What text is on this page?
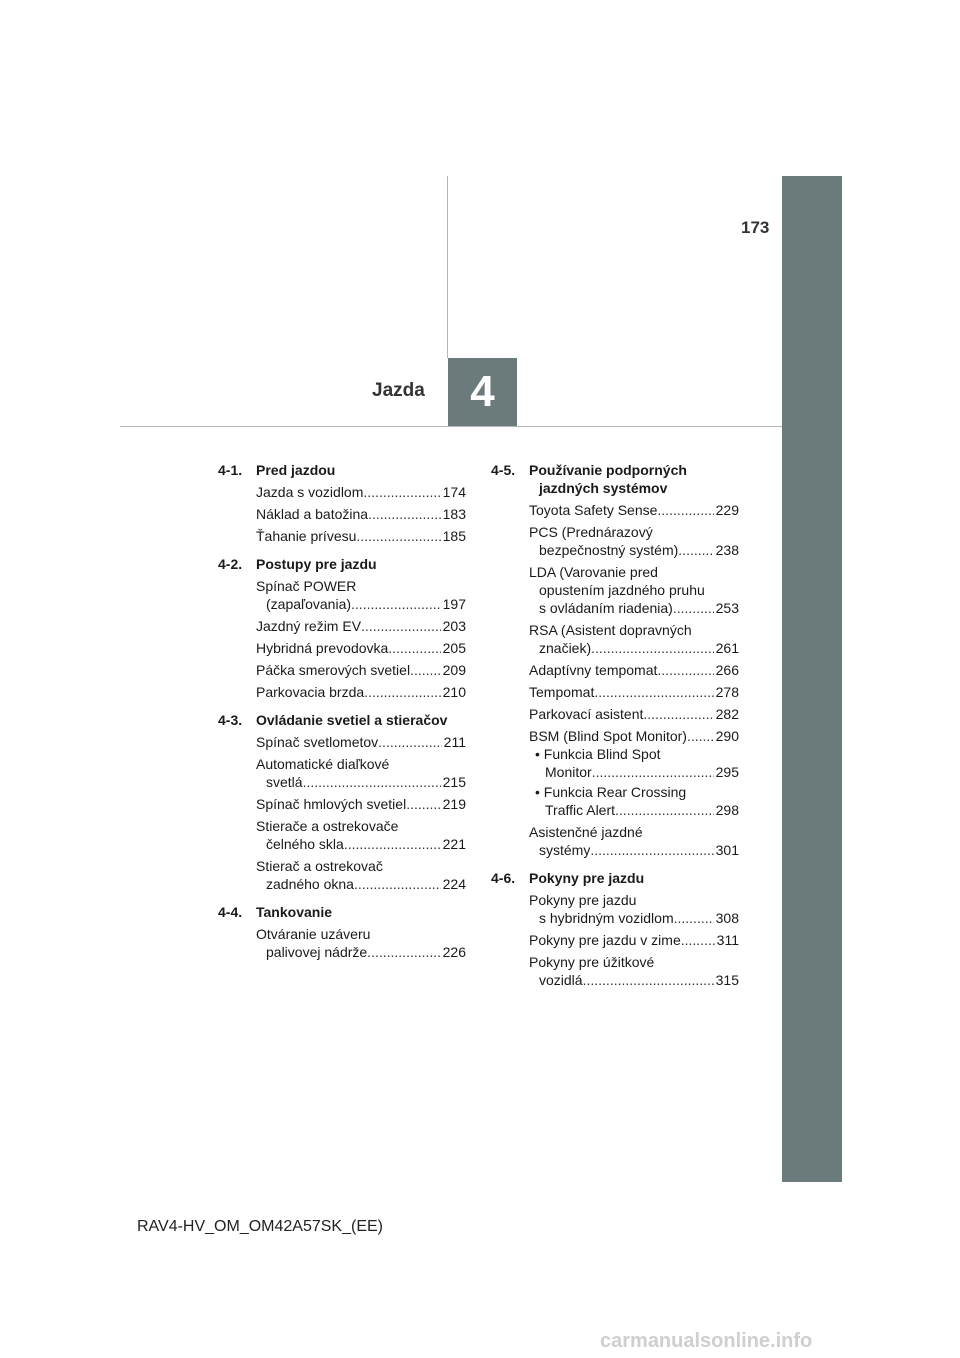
173
Jazda 4
4-1. Pred jazdou
Jazda s vozidlom .....	174
Náklad a batožina .....	183
Ťahanie prívesu .....	185
4-2. Postupy pre jazdu
Spínač POWER
(zapaľovania) .....	197
Jazdný režim EV .....	203
Hybridná prevodovka .....	205
Páčka smerových svetiel ..... 209
Parkovacia brzda .....	210
4-3. Ovládanie svetiel a stieračov
Spínač svetlometov .....	211
Automatické diaľkové
svetlá .....	215
Spínač hmlových svetiel .....	219
Stierače a ostrekovače
čelného skla .....	221
Stierač a ostrekovač
zadného okna .....	224
4-4. Tankovanie
Otváranie uzáveru
palivovej nádrže .....	226
4-5. Používanie podporných
jazdných systémov
Toyota Safety Sense .....	229
PCS (Prednárazový
bezpečnostný systém) .....	238
LDA (Varovanie pred
opustením jazdného pruhu
s ovládaním riadenia) .....	253
RSA (Asistent dopravných
značiek) .....	261
Adaptívny tempomat .....	266
Tempomat .....	278
Parkovací asistent .....	282
BSM (Blind Spot Monitor) ..... 290
• Funkcia Blind Spot
Monitor .....	295
• Funkcia Rear Crossing
Traffic Alert .....	298
Asistenčné jazdné
systémy .....	301
4-6. Pokyny pre jazdu
Pokyny pre jazdu
s hybridným vozidlom .....	308
Pokyny pre jazdu v zime .....	311
Pokyny pre úžitkové
vozidlá .....	315
RAV4-HV_OM_OM42A57SK_(EE)
carmanualsonline.info
